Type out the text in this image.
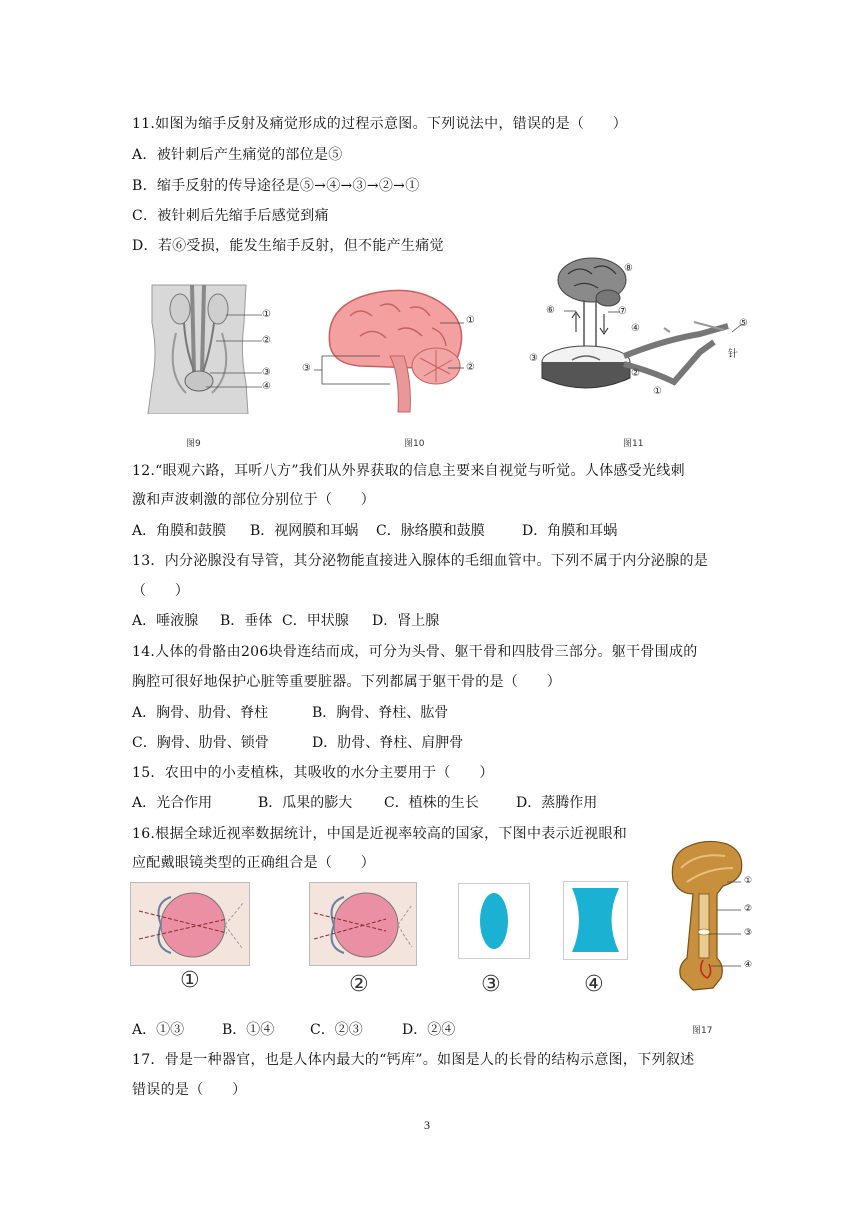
11.如图为缩手反射及痛觉形成的过程示意图。下列说法中，错误的是（　　）
A．被针刺后产生痛觉的部位是⑤
B．缩手反射的传导途径是⑤→④→③→②→①
C．被针刺后先缩手后感觉到痛
D．若⑥受损，能发生缩手反射，但不能产生痛觉
①
②
③
④
图9
①
②
③
图10
⑧
⑥	⑦
④	⑤
针
③
②
①
图11
12.“眼观六路，耳听八方”我们从外界获取的信息主要来自视觉与听觉。人体感受光线刺
激和声波刺激的部位分别位于（　　）
A．角膜和鼓膜 B．视网膜和耳蜗 C．脉络膜和鼓膜	D．角膜和耳蜗
13．内分泌腺没有导管，其分泌物能直接进入腺体的毛细血管中。下列不属于内分泌腺的是
（　　）
A．唾液腺 B．垂体 C．甲状腺 D．肾上腺
14.人体的骨骼由206块骨连结而成，可分为头骨、躯干骨和四肢骨三部分。躯干骨围成的
胸腔可很好地保护心脏等重要脏器。下列都属于躯干骨的是（　　）
A．胸骨、肋骨、脊柱	B．胸骨、脊柱、肱骨
C．胸骨、肋骨、锁骨	D．肋骨、脊柱、肩胛骨
15．农田中的小麦植株，其吸收的水分主要用于（　　）
A．光合作用	B．瓜果的膨大 C．植株的生长	D．蒸腾作用
16.根据全球近视率数据统计，中国是近视率较高的国家，下图中表示近视眼和
应配戴眼镜类型的正确组合是（　　）
①	②	③	④
A．①③	B．①④	C．②③	D．②④
①
②
③
④
图17
17．骨是一种器官，也是人体内最大的“钙库”。如图是人的长骨的结构示意图，下列叙述
错误的是（　　）
3
